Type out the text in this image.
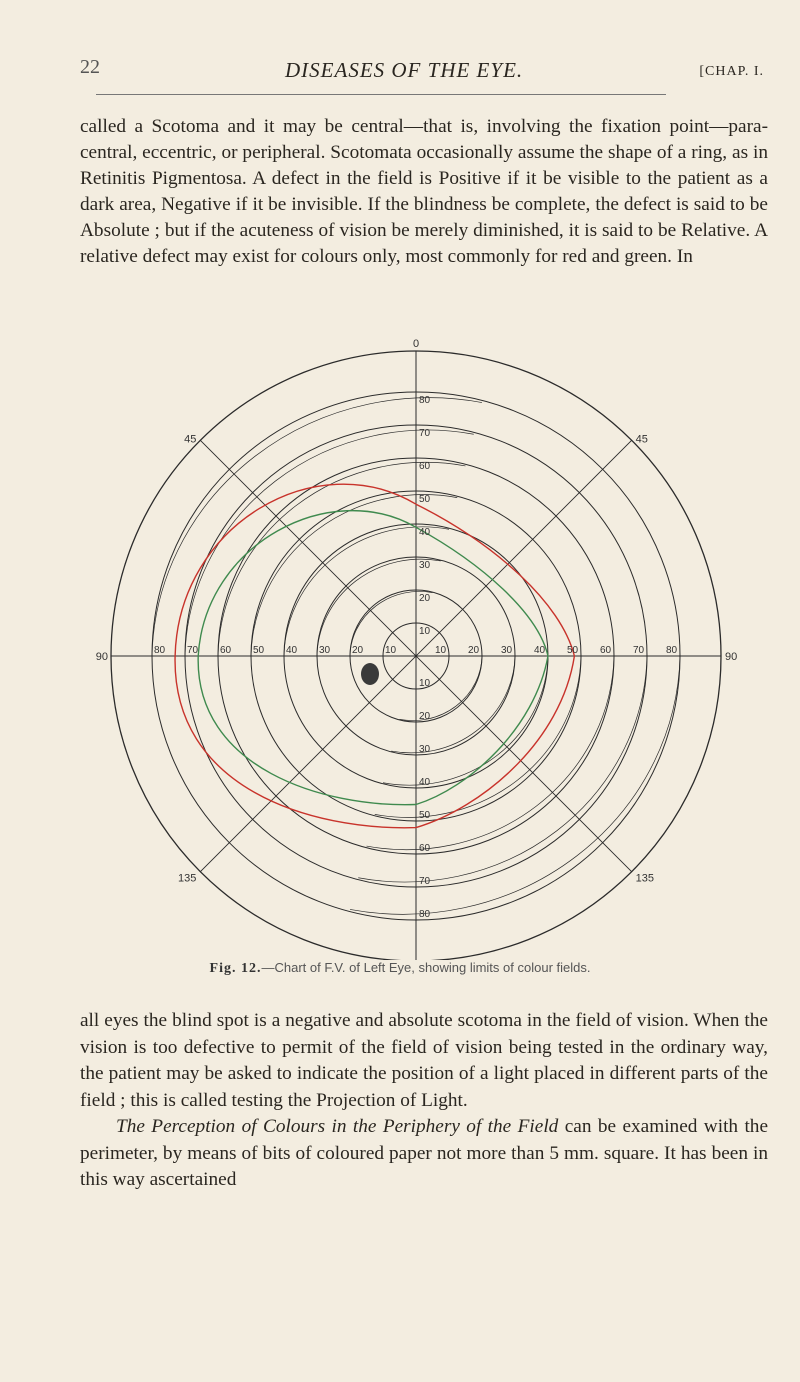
22	DISEASES OF THE EYE.	[CHAP. I.

called a Scotoma and it may be central—that is, involving the fixation point—para-central, eccentric, or peripheral. Scotomata occasionally assume the shape of a ring, as in Retinitis Pigmentosa. A defect in the field is Positive if it be visible to the patient as a dark area, Negative if it be invisible. If the blindness be complete, the defect is said to be Absolute ; but if the acuteness of vision be merely diminished, it is said to be Relative. A relative defect may exist for colours only, most commonly for red and green. In

0
90	90
45	45
135	135
10
10
10	10
20
20
20	20
30
30
30	30
40
40
40	40
50
50
50	50
60
60
60	60
70
70
70	70
80
80
80	80
Fig. 12.—Chart of F.V. of Left Eye, showing limits of colour fields.

all eyes the blind spot is a negative and absolute scotoma in the field of vision. When the vision is too defective to permit of the field of vision being tested in the ordinary way, the patient may be asked to indicate the position of a light placed in different parts of the field ; this is called testing the Projection of Light.

The Perception of Colours in the Periphery of the Field can be examined with the perimeter, by means of bits of coloured paper not more than 5 mm. square. It has been in this way ascertained
